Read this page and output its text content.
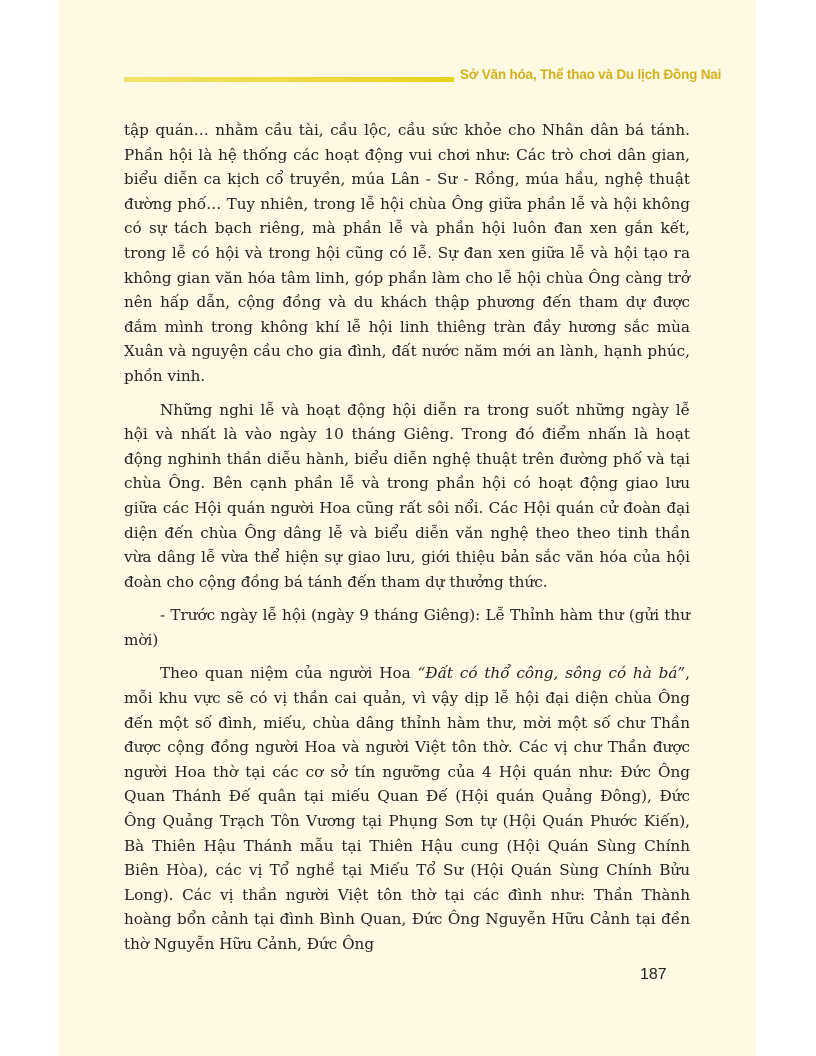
Sở Văn hóa, Thể thao và Du lịch Đồng Nai

tập quán… nhằm cầu tài, cầu lộc, cầu sức khỏe cho Nhân dân bá tánh. Phần hội là hệ thống các hoạt động vui chơi như: Các trò chơi dân gian, biểu diễn ca kịch cổ truyền, múa Lân - Sư - Rồng, múa hầu, nghệ thuật đường phố… Tuy nhiên, trong lễ hội chùa Ông giữa phần lễ và hội không có sự tách bạch riêng, mà phần lễ và phần hội luôn đan xen gắn kết, trong lễ có hội và trong hội cũng có lễ. Sự đan xen giữa lễ và hội tạo ra không gian văn hóa tâm linh, góp phần làm cho lễ hội chùa Ông càng trở nên hấp dẫn, cộng đồng và du khách thập phương đến tham dự được đắm mình trong không khí lễ hội linh thiêng tràn đầy hương sắc mùa Xuân và nguyện cầu cho gia đình, đất nước năm mới an lành, hạnh phúc, phồn vinh.

Những nghi lễ và hoạt động hội diễn ra trong suốt những ngày lễ hội và nhất là vào ngày 10 tháng Giêng. Trong đó điểm nhấn là hoạt động nghinh thần diễu hành, biểu diễn nghệ thuật trên đường phố và tại chùa Ông. Bên cạnh phần lễ và trong phần hội có hoạt động giao lưu giữa các Hội quán người Hoa cũng rất sôi nổi. Các Hội quán cử đoàn đại diện đến chùa Ông dâng lễ và biểu diễn văn nghệ theo theo tinh thần vừa dâng lễ vừa thể hiện sự giao lưu, giới thiệu bản sắc văn hóa của hội đoàn cho cộng đồng bá tánh đến tham dự thưởng thức.

- Trước ngày lễ hội (ngày 9 tháng Giêng): Lễ Thỉnh hàm thư (gửi thư mời)

Theo quan niệm của người Hoa “Đất có thổ công, sông có hà bá”, mỗi khu vực sẽ có vị thần cai quản, vì vậy dịp lễ hội đại diện chùa Ông đến một số đình, miếu, chùa dâng thỉnh hàm thư, mời một số chư Thần được cộng đồng người Hoa và người Việt tôn thờ. Các vị chư Thần được người Hoa thờ tại các cơ sở tín ngưỡng của 4 Hội quán như: Đức Ông Quan Thánh Đế quân tại miếu Quan Đế (Hội quán Quảng Đông), Đức Ông Quảng Trạch Tôn Vương tại Phụng Sơn tự (Hội Quán Phước Kiến), Bà Thiên Hậu Thánh mẫu tại Thiên Hậu cung (Hội Quán Sùng Chính Biên Hòa), các vị Tổ nghề tại Miếu Tổ Sư (Hội Quán Sùng Chính Bửu Long). Các vị thần người Việt tôn thờ tại các đình như: Thần Thành hoàng bổn cảnh tại đình Bình Quan, Đức Ông Nguyễn Hữu Cảnh tại đền thờ Nguyễn Hữu Cảnh, Đức Ông

187
